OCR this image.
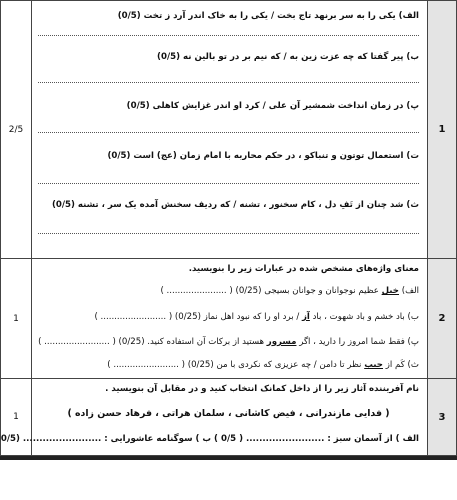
1	الف) یکی را به سر برنهد تاج بخت / یکی را به خاک اندر آرد ز تخت (0/5)
ب) پیر گفتا که چه عزت زین به / که نیم بر در تو بالین نه (0/5)
پ) در زمان انداخت شمشیر آن علی / کرد او اندر غزایش کاهلی (0/5)
ت) استعمال توتون و تنباکو ، در حکم محاربه با امام زمان (عج) است (0/5)
ث) شد چنان از تَفِ دل ، کام سخنور ، تشنه / که ردیف سخنش آمده یک سر ، تشنه (0/5)	2/5
2	معنای واژه‌های مشخص شده در عبارات زیر را بنویسید.
الف) خیل عظیم نوجوانان و جوانان بسیجی (0/25) ( ...................... )
ب) باد خشم و باد شهوت ، باد آز / برد او را که نبود اهل نماز (0/25) ( ........................ )
پ) فقط شما امروز را دارید ، اگر مسرور هستید از برکات آن استفاده کنید. (0/25) ( ........................ )
ث) کَم از جیب نظر تا دامن / چه عزیزی که نکردی با من (0/25) ( ........................ )	1
3	نام آفریننده آثار زیر را از داخل کمانک انتخاب کنید و در مقابل آن بنویسید .
( فدایی مازندرانی ، فیض کاشانی ، سلمان هراتی ، فرهاد حسن زاده )
الف ) از آسمان سبز : ........................ ( 0/5 ) ب ) سوگنامه عاشورایی : ........................ (0/5	1
